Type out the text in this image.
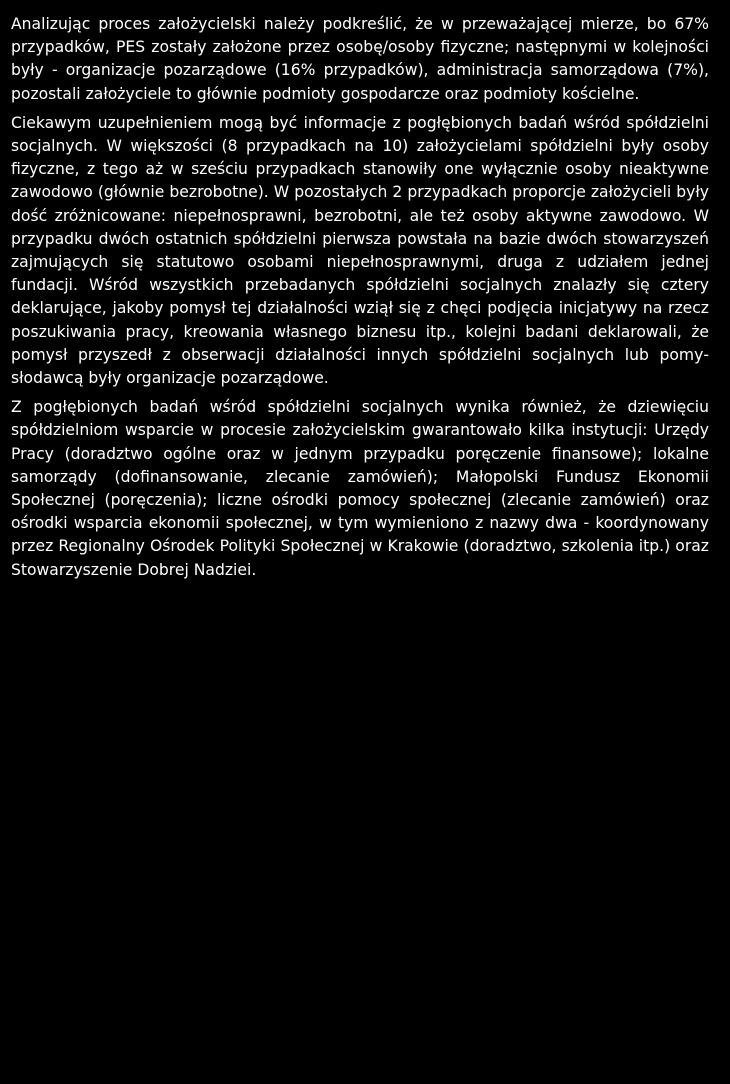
Analizując proces założycielski należy podkreślić, że w przeważającej mierze, bo 67% przypadków, PES zostały założone przez osobę/osoby fizyczne; następnymi w kolejności były - organizacje pozarządowe (16% przypadków), administracja samorządowa (7%), pozostali założyciele to głównie podmioty gospodarcze oraz podmioty kościelne.

Ciekawym uzupełnieniem mogą być informacje z pogłębionych badań wśród spółdzielni socjalnych. W większości (8 przypadkach na 10) założycielami spółdzielni były osoby fizyczne, z tego aż w sześciu przypadkach stanowiły one wyłącznie osoby nieaktywne zawodowo (głównie bezrobotne). W pozostałych 2 przypadkach proporcje założycieli były dość zróżnicowane: niepełnosprawni, bezrobotni, ale też osoby aktywne zawodowo. W przypadku dwóch ostatnich spółdzielni pierwsza powstała na bazie dwóch stowarzyszeń zajmujących się statutowo osobami niepełnosprawnymi, druga z udziałem jednej fundacji. Wśród wszystkich przebadanych spółdzielni socjalnych znalazły się cztery deklarujące, jakoby pomysł tej działalności wziął się z chęci podjęcia inicjatywy na rzecz poszukiwania pracy, kreowania własnego biznesu itp., kolejni badani deklarowali, że pomysł przyszedł z obserwacji działalności innych spółdzielni socjalnych lub pomysłodawcą były organizacje pozarządowe.

Z pogłębionych badań wśród spółdzielni socjalnych wynika również, że dziewięciu spółdzielniom wsparcie w procesie założycielskim gwarantowało kilka instytucji: Urzędy Pracy (doradztwo ogólne oraz w jednym przypadku poręczenie finansowe); lokalne samorządy (dofinansowanie, zlecanie zamówień); Małopolski Fundusz Ekonomii Społecznej (poręczenia); liczne ośrodki pomocy społecznej (zlecanie zamówień) oraz ośrodki wsparcia ekonomii społecznej, w tym wymieniono z nazwy dwa - koordynowany przez Regionalny Ośrodek Polityki Społecznej w Krakowie (doradztwo, szkolenia itp.) oraz Stowarzyszenie Dobrej Nadziei.
